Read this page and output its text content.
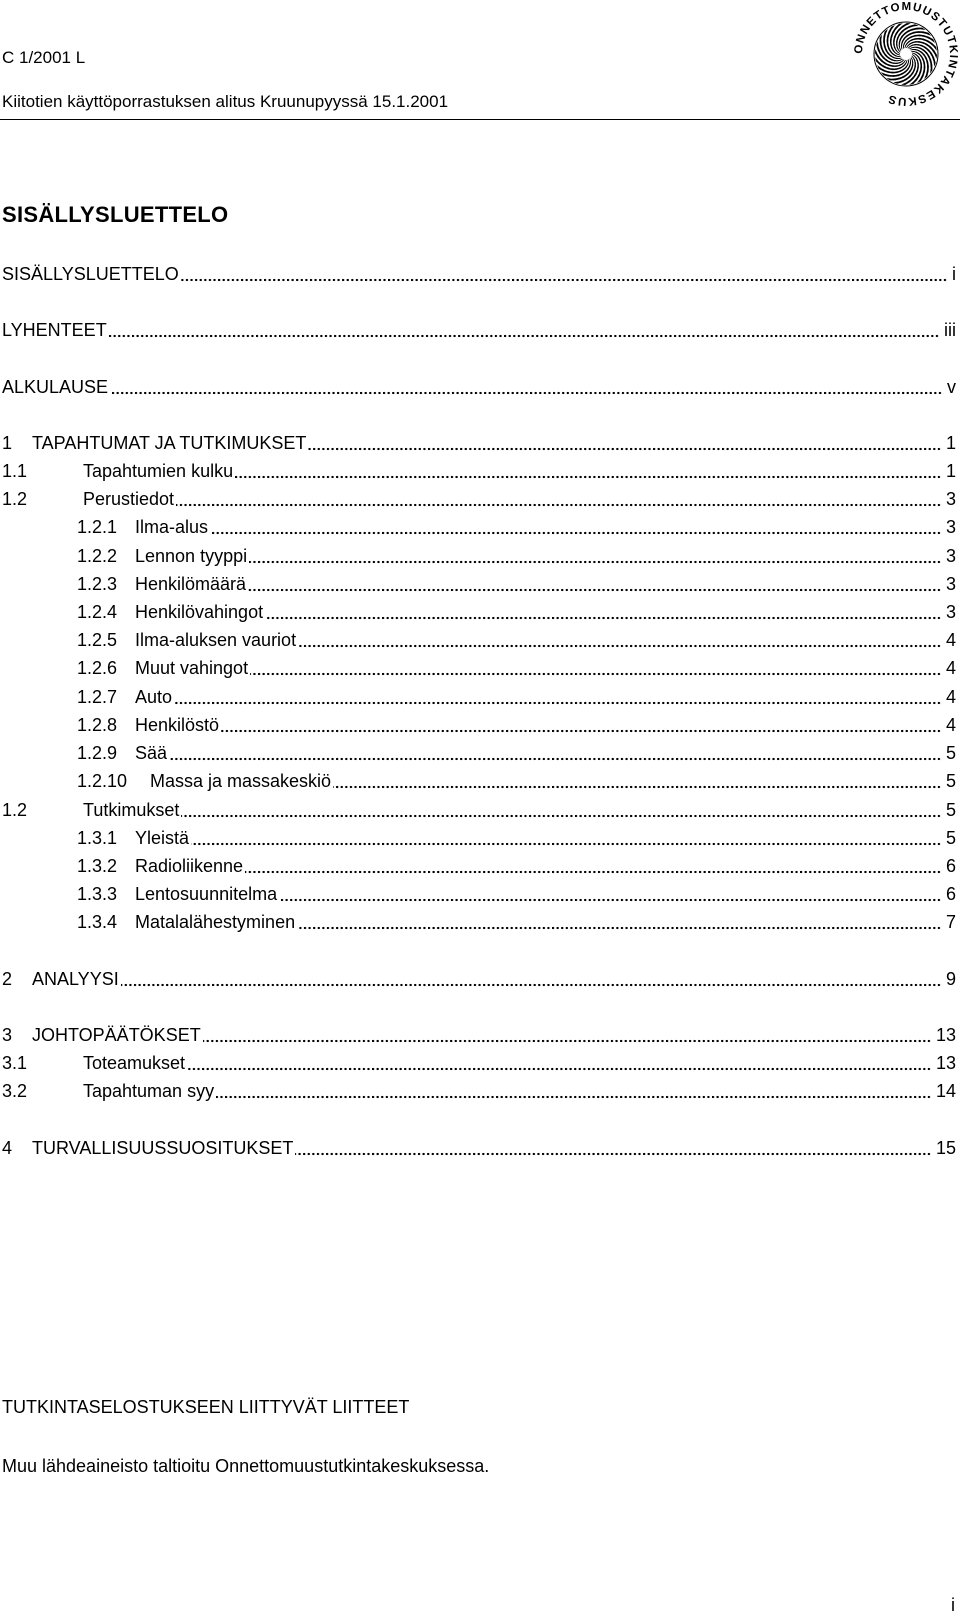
C 1/2001 L
Kiitotien käyttöporrastuksen alitus Kruunupyyssä 15.1.2001
ONNETTOMUUSTUTKINTAKESKUS
SISÄLLYSLUETTELO
SISÄLLYSLUETTELO	i
LYHENTEET	iii
ALKULAUSE	v
1 TAPAHTUMAT JA TUTKIMUKSET	1
1.1	Tapahtumien kulku	1
1.2	Perustiedot	3
1.2.1 Ilma-alus	3
1.2.2 Lennon tyyppi	3
1.2.3 Henkilömäärä	3
1.2.4 Henkilövahingot	3
1.2.5 Ilma-aluksen vauriot	4
1.2.6 Muut vahingot	4
1.2.7 Auto	4
1.2.8 Henkilöstö	4
1.2.9 Sää	5
1.2.10 Massa ja massakeskiö	5
1.2	Tutkimukset	5
1.3.1 Yleistä	5
1.3.2 Radioliikenne	6
1.3.3 Lentosuunnitelma	6
1.3.4 Matalalähestyminen	7
2 ANALYYSI	9
3 JOHTOPÄÄTÖKSET	13
3.1	Toteamukset	13
3.2	Tapahtuman syy	14
4 TURVALLISUUSSUOSITUKSET	15
TUTKINTASELOSTUKSEEN LIITTYVÄT LIITTEET
Muu lähdeaineisto taltioitu Onnettomuustutkintakeskuksessa.
i
